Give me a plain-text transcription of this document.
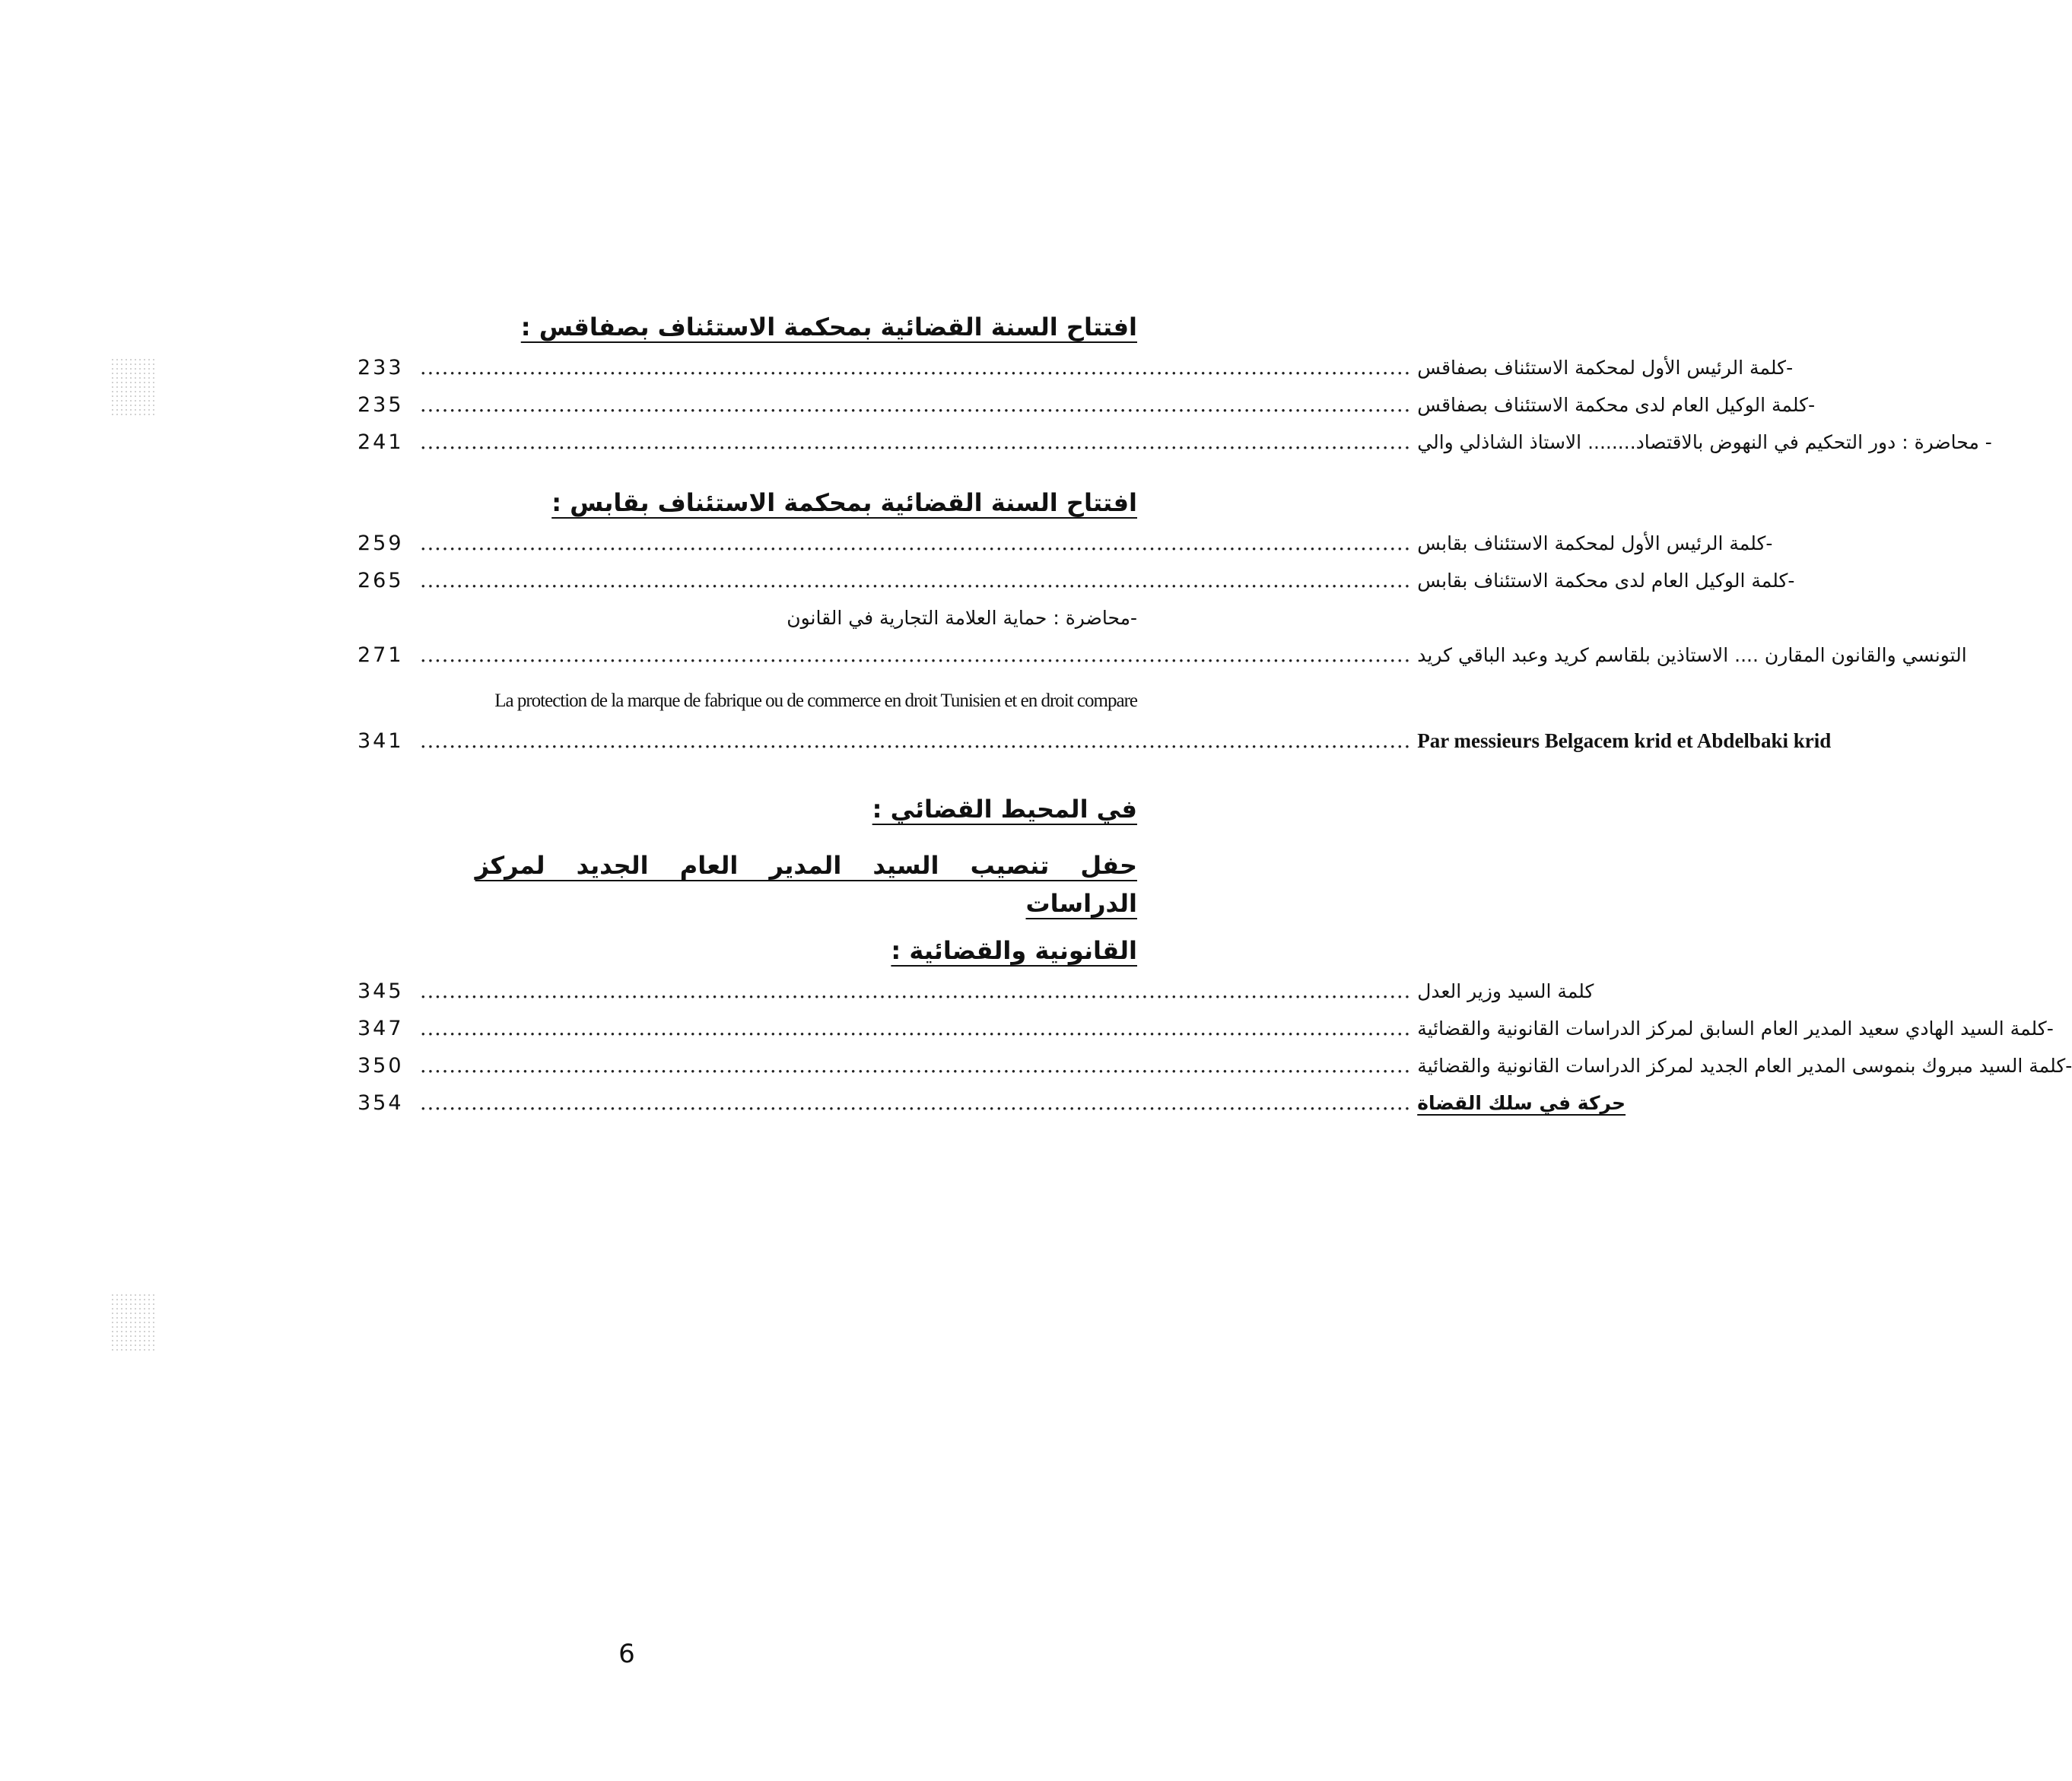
افتتاح السنة القضائية بمحكمة الاستئناف بصفاقس :
233 ........................................................................................................................................ -كلمة الرئيس الأول لمحكمة الاستئناف بصفاقس
235 ........................................................................................................................................ -كلمة الوكيل العام لدى محكمة الاستئناف بصفاقس
241 ........................................................................................................................................ - محاضرة : دور التحكيم في النهوض بالاقتصاد........ الاستاذ الشاذلي والي
افتتاح السنة القضائية بمحكمة الاستئناف بقابس :
259 ........................................................................................................................................ -كلمة الرئيس الأول لمحكمة الاستئناف بقابس
265 ........................................................................................................................................ -كلمة الوكيل العام لدى محكمة الاستئناف بقابس
-محاضرة : حماية العلامة التجارية في القانون
271 ........................................................................................................................................ التونسي والقانون المقارن .... الاستاذين بلقاسم كريد وعبد الباقي كريد
La protection de la marque de fabrique ou de commerce en droit Tunisien et en droit compare
341 ........................................................................................................................................ Par messieurs Belgacem krid et Abdelbaki krid
في المحيط القضائي :
حفل تنصيب السيد المدير العام الجديد لمركز الدراسات
القانونية والقضائية :
345 ........................................................................................................................................ كلمة السيد وزير العدل
347 ........................................................................................................................................ -كلمة السيد الهادي سعيد المدير العام السابق لمركز الدراسات القانونية والقضائية
350 ........................................................................................................................................ -كلمة السيد مبروك بنموسى المدير العام الجديد لمركز الدراسات القانونية والقضائية
354 ........................................................................................................................................ حركة في سلك القضاة
6
